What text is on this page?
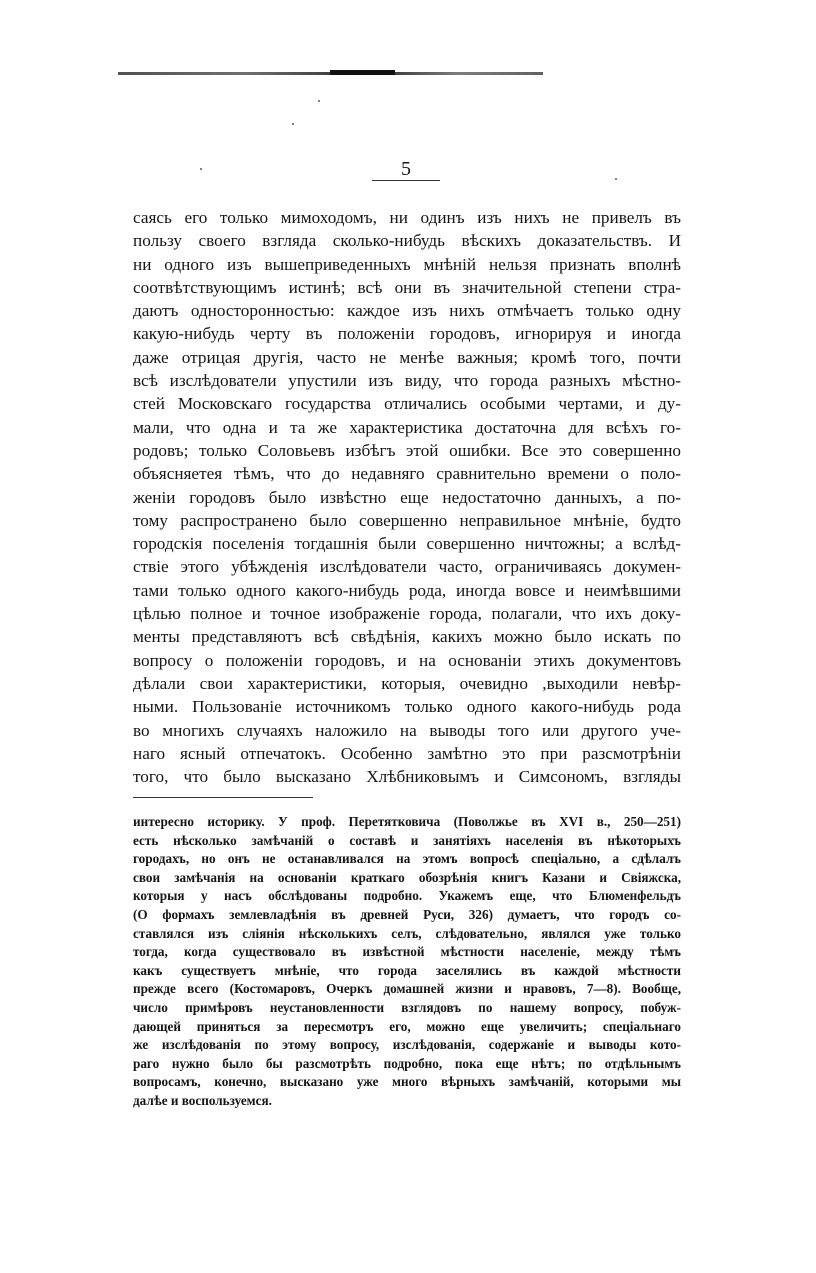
5
саясь его только мимоходомъ, ни одинъ изъ нихъ не привелъ въ
пользу своего взгляда сколько-нибудь вѣскихъ доказательствъ. И
ни одного изъ вышеприведенныхъ мнѣній нельзя признать вполнѣ
соотвѣтствующимъ истинѣ; всѣ они въ значительной степени стра-
даютъ односторонностью: каждое изъ нихъ отмѣчаетъ только одну
какую-нибудь черту въ положеніи городовъ, игнорируя и иногда
даже отрицая другія, часто не менѣе важныя; кромѣ того, почти
всѣ изслѣдователи упустили изъ виду, что города разныхъ мѣстно-
стей Московскаго государства отличались особыми чертами, и ду-
мали, что одна и та же характеристика достаточна для всѣхъ го-
родовъ; только Соловьевъ избѣгъ этой ошибки. Все это совершенно
объясняетея тѣмъ, что до недавняго сравнительно времени о поло-
женіи городовъ было извѣстно еще недостаточно данныхъ, а по-
тому распространено было совершенно неправильное мнѣніе, будто
городскія поселенія тогдашнія были совершенно ничтожны; а вслѣд-
ствіе этого убѣжденія изслѣдователи часто, ограничиваясь докумен-
тами только одного какого-нибудь рода, иногда вовсе и неимѣвшими
цѣлью полное и точное изображеніе города, полагали, что ихъ доку-
менты представляютъ всѣ свѣдѣнія, какихъ можно было искать по
вопросу о положеніи городовъ, и на основаніи этихъ документовъ
дѣлали свои характеристики, которыя, очевидно ,выходили невѣр-
ными. Пользованіе источникомъ только одного какого-нибудь рода
во многихъ случаяхъ наложило на выводы того или другого уче-
наго ясный отпечатокъ. Особенно замѣтно это при разсмотрѣніи
того, что было высказано Хлѣбниковымъ и Симсономъ, взгляды
интересно историку. У проф. Перетятковича (Поволжье въ XVI в., 250—251)
есть нѣсколько замѣчаній о составѣ и занятіяхъ населенія въ нѣкоторыхъ
городахъ, но онъ не останавливался на этомъ вопросѣ спеціально, а сдѣлалъ
свои замѣчанія на основаніи краткаго обозрѣнія книгъ Казани и Свіяжска,
которыя у насъ обслѣдованы подробно. Укажемъ еще, что Блюменфельдъ
(О формахъ землевладѣнія въ древней Руси, 326) думаетъ, что городъ со-
ставлялся изъ слiянія нѣсколькихъ селъ, слѣдовательно, являлся уже только
тогда, когда существовало въ извѣстной мѣстности населеніе, между тѣмъ
какъ существуетъ мнѣніе, что города заселялись въ каждой мѣстности
прежде всего (Костомаровъ, Очеркъ домашней жизни и нравовъ, 7—8). Вообще,
число примѣровъ неустановленности взглядовъ по нашему вопросу, побуж-
дающей приняться за пересмотръ его, можно еще увеличить; спеціальнаго
же изслѣдованія по этому вопросу, изслѣдованія, содержаніе и выводы кото-
раго нужно было бы разсмотрѣть подробно, пока еще нѣтъ; по отдѣльнымъ
вопросамъ, конечно, высказано уже много вѣрныхъ замѣчаній, которыми мы
далѣе и воспользуемся.
